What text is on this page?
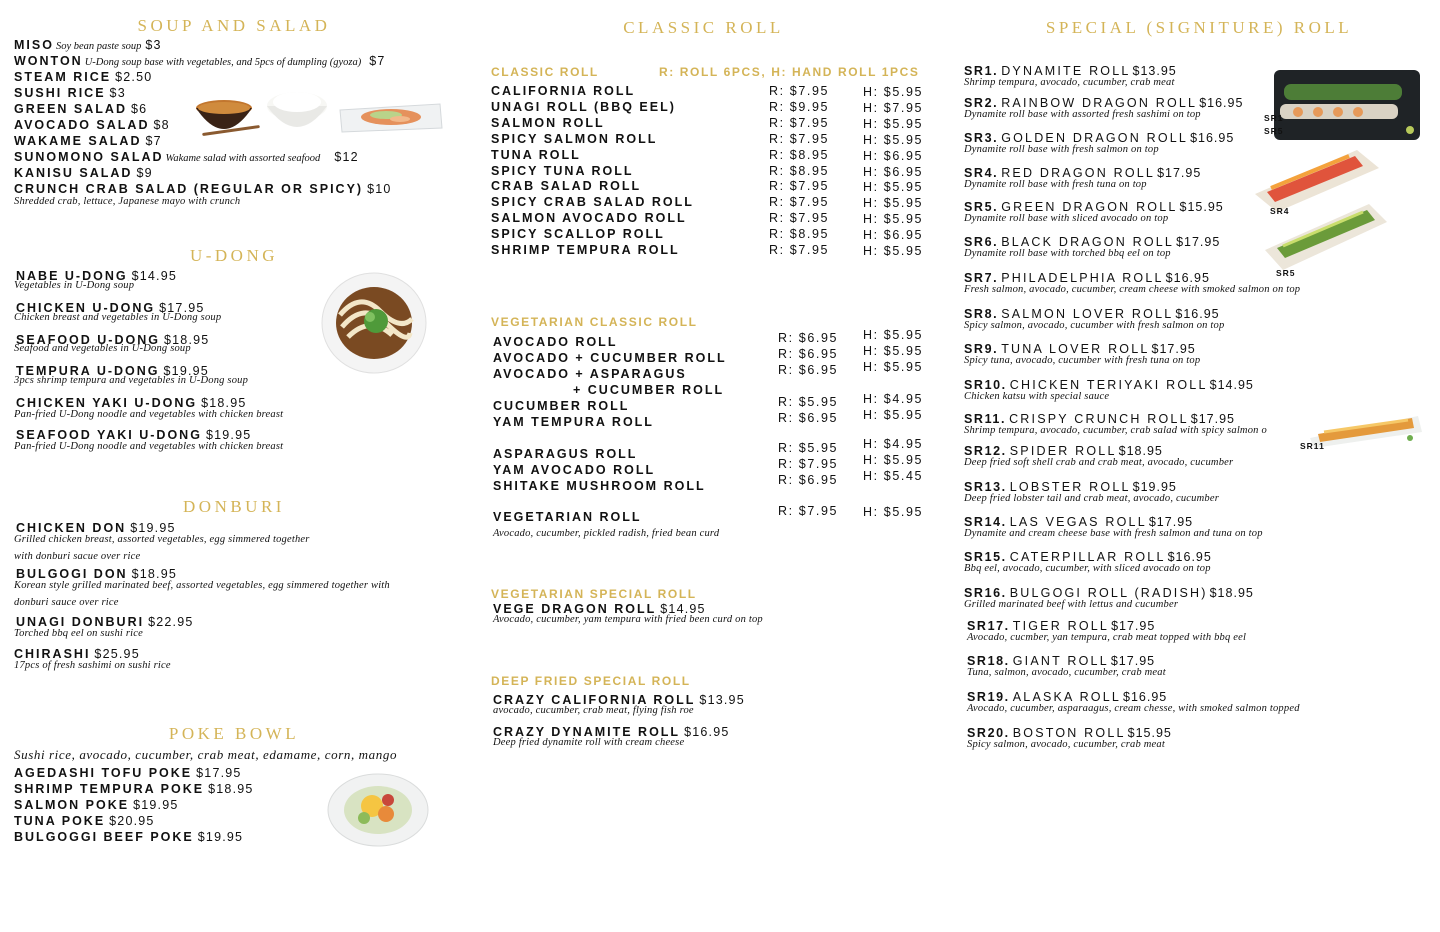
SOUP AND SALAD
MISO Soy bean paste soup $3
WONTON U-Dong soup base with vegetables, and 5pcs of dumpling (gyoza) $7
STEAM RICE $2.50
SUSHI RICE $3
GREEN SALAD $6
AVOCADO SALAD $8
WAKAME SALAD $7
SUNOMONO SALAD Wakame salad with assorted seafood $12
KANISU SALAD $9
CRUNCH CRAB SALAD (REGULAR OR SPICY) $10
Shredded crab, lettuce, Japanese mayo with crunch
U-DONG
NABE U-DONG $14.95
Vegetables in U-Dong soup
CHICKEN U-DONG $17.95
Chicken breast and vegetables in U-Dong soup
SEAFOOD U-DONG $18.95
Seafood and vegetables in U-Dong soup
TEMPURA U-DONG $19.95
3pcs shrimp tempura and vegetables in U-Dong soup
CHICKEN YAKI U-DONG $18.95
Pan-fried U-Dong noodle and vegetables with chicken breast
SEAFOOD YAKI U-DONG $19.95
Pan-fried U-Dong noodle and vegetables with chicken breast
DONBURI
CHICKEN DON $19.95
Grilled chicken breast, assorted vegetables, egg simmered together
with donburi sacue over rice
BULGOGI DON $18.95
Korean style grilled marinated beef, assorted vegetables, egg simmered together with
donburi sauce over rice
UNAGI DONBURI $22.95
Torched bbq eel on sushi rice
CHIRASHI $25.95
17pcs of fresh sashimi on sushi rice
POKE BOWL
Sushi rice, avocado, cucumber, crab meat, edamame, corn, mango
AGEDASHI TOFU POKE $17.95
SHRIMP TEMPURA POKE $18.95
SALMON POKE $19.95
TUNA POKE $20.95
BULGOGGI BEEF POKE $19.95
CLASSIC ROLL
CLASSIC ROLL	R: ROLL 6PCS, H: HAND ROLL 1PCS
CALIFORNIA ROLL	R: $7.95	H: $5.95
UNAGI ROLL (BBQ EEL)	R: $9.95	H: $7.95
SALMON ROLL	R: $7.95	H: $5.95
SPICY SALMON ROLL	R: $7.95	H: $5.95
TUNA ROLL	R: $8.95	H: $6.95
SPICY TUNA ROLL	R: $8.95	H: $6.95
CRAB SALAD ROLL	R: $7.95	H: $5.95
SPICY CRAB SALAD ROLL	R: $7.95	H: $5.95
SALMON AVOCADO ROLL	R: $7.95	H: $5.95
SPICY SCALLOP ROLL	R: $8.95	H: $6.95
SHRIMP TEMPURA ROLL	R: $7.95	H: $5.95
VEGETARIAN CLASSIC ROLL
AVOCADO ROLL	R: $6.95 H: $5.95
AVOCADO + CUCUMBER ROLL	R: $6.95 H: $5.95
AVOCADO + ASPARAGUS
+ CUCUMBER ROLL
R: $6.95 H: $5.95
CUCUMBER ROLL	R: $5.95 H: $4.95
YAM TEMPURA ROLL	R: $6.95 H: $5.95
ASPARAGUS ROLL	R: $5.95 H: $4.95
YAM AVOCADO ROLL	R: $7.95 H: $5.95
SHITAKE MUSHROOM ROLL	R: $6.95 H: $5.45
VEGETARIAN ROLL	R: $7.95 H: $5.95
Avocado, cucumber, pickled radish, fried bean curd
VEGETARIAN SPECIAL ROLL
VEGE DRAGON ROLL $14.95
Avocado, cucumber, yam tempura with fried been curd on top
DEEP FRIED SPECIAL ROLL
CRAZY CALIFORNIA ROLL $13.95
avocado, cucumber, crab meat, flying fish roe
CRAZY DYNAMITE ROLL $16.95
Deep fried dynamite roll with cream cheese
SPECIAL (SIGNITURE) ROLL
SR1. DYNAMITE ROLL $13.95
Shrimp tempura, avocado, cucumber, crab meat
SR2. RAINBOW DRAGON ROLL $16.95
Dynamite roll base with assorted fresh sashimi on top
SR3. GOLDEN DRAGON ROLL $16.95
Dynamite roll base with fresh salmon on top
SR4. RED DRAGON ROLL $17.95
Dynamite roll base with fresh tuna on top
SR5. GREEN DRAGON ROLL $15.95
Dynamite roll base with sliced avocado on top
SR6. BLACK DRAGON ROLL $17.95
Dynamite roll base with torched bbq eel on top
SR7. PHILADELPHIA ROLL $16.95
Fresh salmon, avocado, cucumber, cream cheese with smoked salmon on top
SR8. SALMON LOVER ROLL $16.95
Spicy salmon, avocado, cucumber with fresh salmon on top
SR9. TUNA LOVER ROLL $17.95
Spicy tuna, avocado, cucumber with fresh tuna on top
SR10. CHICKEN TERIYAKI ROLL $14.95
Chicken katsu with special sauce
SR11. CRISPY CRUNCH ROLL $17.95
Shrimp tempura, avocado, cucumber, crab salad with spicy salmon o
SR12. SPIDER ROLL $18.95
Deep fried soft shell crab and crab meat, avocado, cucumber
SR13. LOBSTER ROLL $19.95
Deep fried lobster tail and crab meat, avocado, cucumber
SR14. LAS VEGAS ROLL $17.95
Dynamite and cream cheese base with fresh salmon and tuna on top
SR15. CATERPILLAR ROLL $16.95
Bbq eel, avocado, cucumber, with sliced avocado on top
SR16. BULGOGI ROLL (RADISH) $18.95
Grilled marinated beef with lettus and cucumber
SR17. TIGER ROLL $17.95
Avocado, cucmber, yan tempura, crab meat topped with bbq eel
SR18. GIANT ROLL $17.95
Tuna, salmon, avocado, cucumber, crab meat
SR19. ALASKA ROLL $16.95
Avocado, cucumber, asparaagus, cream chesse, with smoked salmon topped
SR20. BOSTON ROLL $15.95
Spicy salmon, avocado, cucumber, crab meat
SR1
SR5
SR4
SR5
SR11
